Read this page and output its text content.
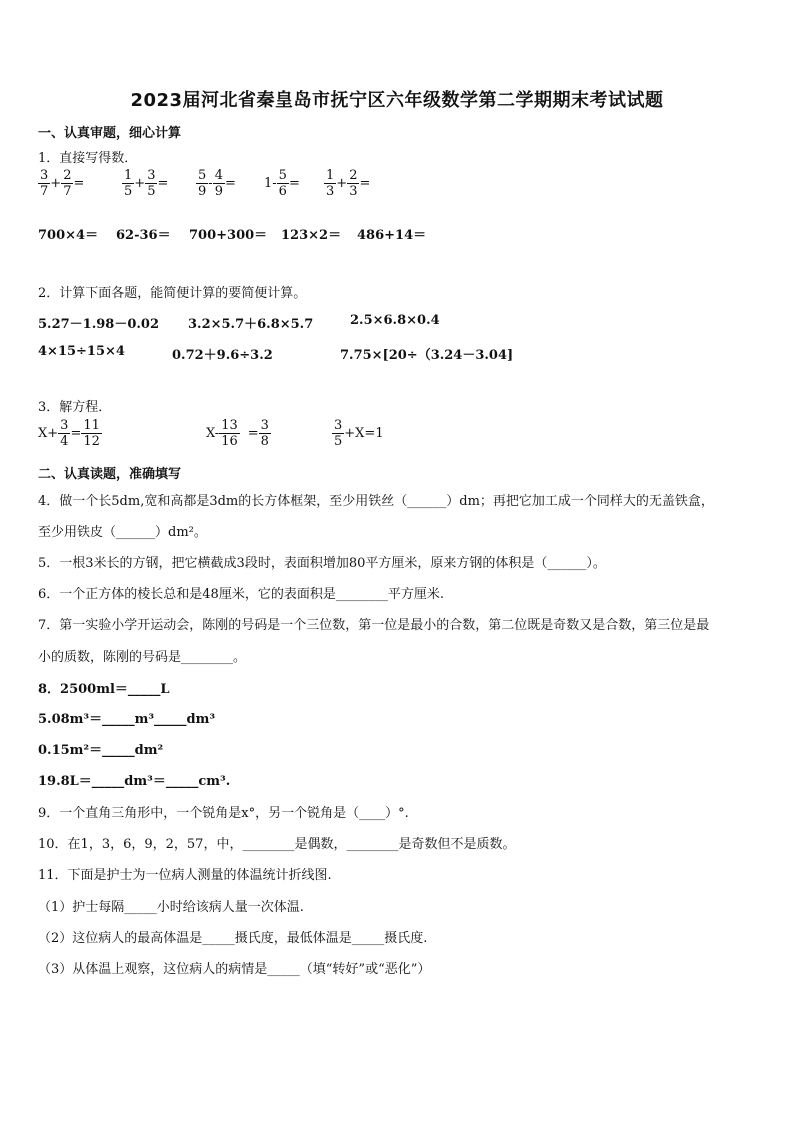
2023届河北省秦皇岛市抚宁区六年级数学第二学期期末考试试题
一、认真审题，细心计算
1．直接写得数．
$\frac{3}{7} + \frac{2}{7}$ =	$\frac{1}{5} + \frac{3}{5} = \frac{5}{9} - \frac{4}{9} = 1- \frac{5}{6} = \frac{1}{3} + \frac{2}{3}$ =
700×4＝ 62-36＝ 700+300＝ 123×2＝ 486+14＝
2．计算下面各题，能简便计算的要简便计算。
5.27－1.98－0.02 3.2×5.7＋6.8×5.7	2.5×6.8×0.4
4×15÷15×4	0.72＋9.6÷3.2	7.75×[20÷（3.24－3.04]
3．解方程．
$X+ \frac{3}{4} = \frac{11}{12}$	$X- \frac{13}{16} = \frac{3}{8}$	$\frac{3}{5} +X=1$
二、认真读题，准确填写
4．做一个长5dm,宽和高都是3dm的长方体框架，至少用铁丝（______）dm；再把它加工成一个同样大的无盖铁盒，
至少用铁皮（______）dm²。
5．一根3米长的方钢，把它横截成3段时，表面积增加80平方厘米，原来方钢的体积是（______）。
6．一个正方体的棱长总和是48厘米，它的表面积是________平方厘米.
7．第一实验小学开运动会，陈刚的号码是一个三位数，第一位是最小的合数，第二位既是奇数又是合数，第三位是最
小的质数，陈刚的号码是________。
8．2500ml＝_____L
5.08m³＝_____m³_____dm³
0.15m²＝_____dm²
19.8L＝_____dm³＝_____cm³.
9．一个直角三角形中，一个锐角是x°，另一个锐角是（____）°.
10．在1，3，6，9，2，57，中，________是偶数，________是奇数但不是质数。
11．下面是护士为一位病人测量的体温统计折线图.
（1）护士每隔_____小时给该病人量一次体温.
（2）这位病人的最高体温是_____摄氏度，最低体温是_____摄氏度.
（3）从体温上观察，这位病人的病情是_____（填“转好”或“恶化”）
